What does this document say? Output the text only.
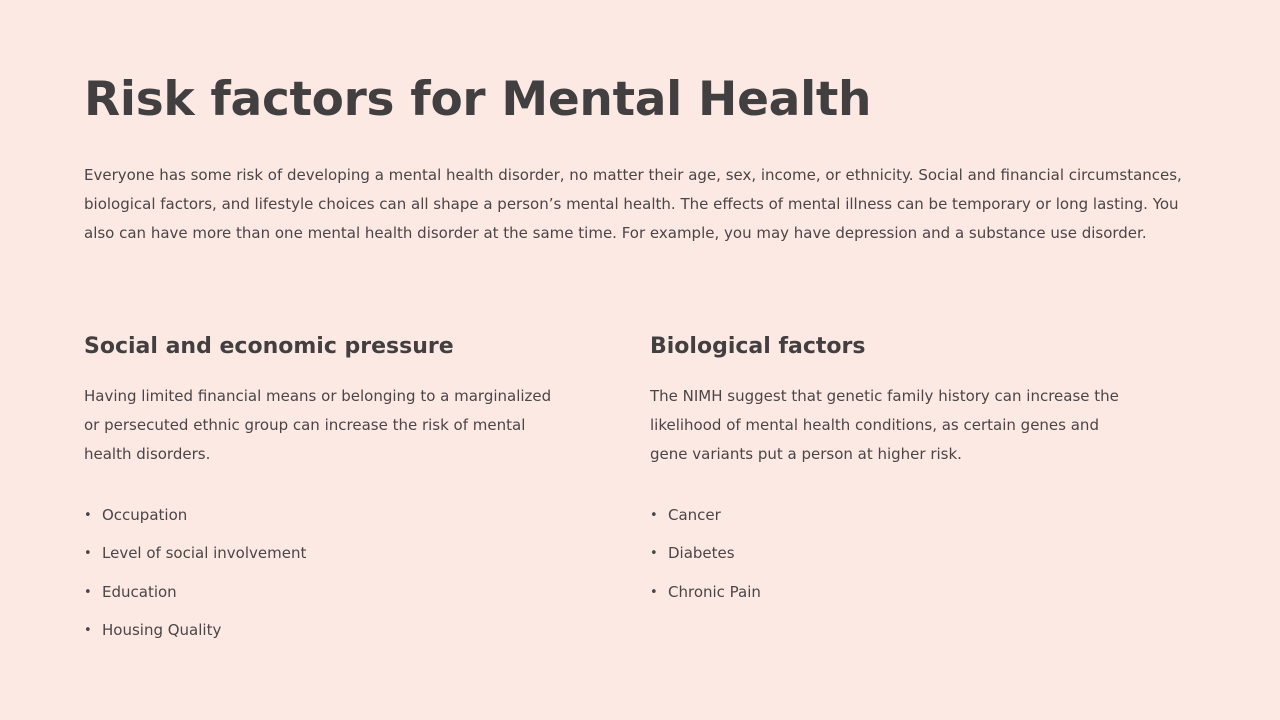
Risk factors for Mental Health

Everyone has some risk of developing a mental health disorder, no matter their age, sex, income, or ethnicity. Social and financial circumstances, biological factors, and lifestyle choices can all shape a person’s mental health. The effects of mental illness can be temporary or long lasting. You also can have more than one mental health disorder at the same time. For example, you may have depression and a substance use disorder.

Social and economic pressure

Having limited financial means or belonging to a marginalized or persecuted ethnic group can increase the risk of mental health disorders.

• Occupation
• Level of social involvement
• Education
• Housing Quality
Biological factors

The NIMH suggest that genetic family history can increase the likelihood of mental health conditions, as certain genes and gene variants put a person at higher risk.

• Cancer
• Diabetes
• Chronic Pain
